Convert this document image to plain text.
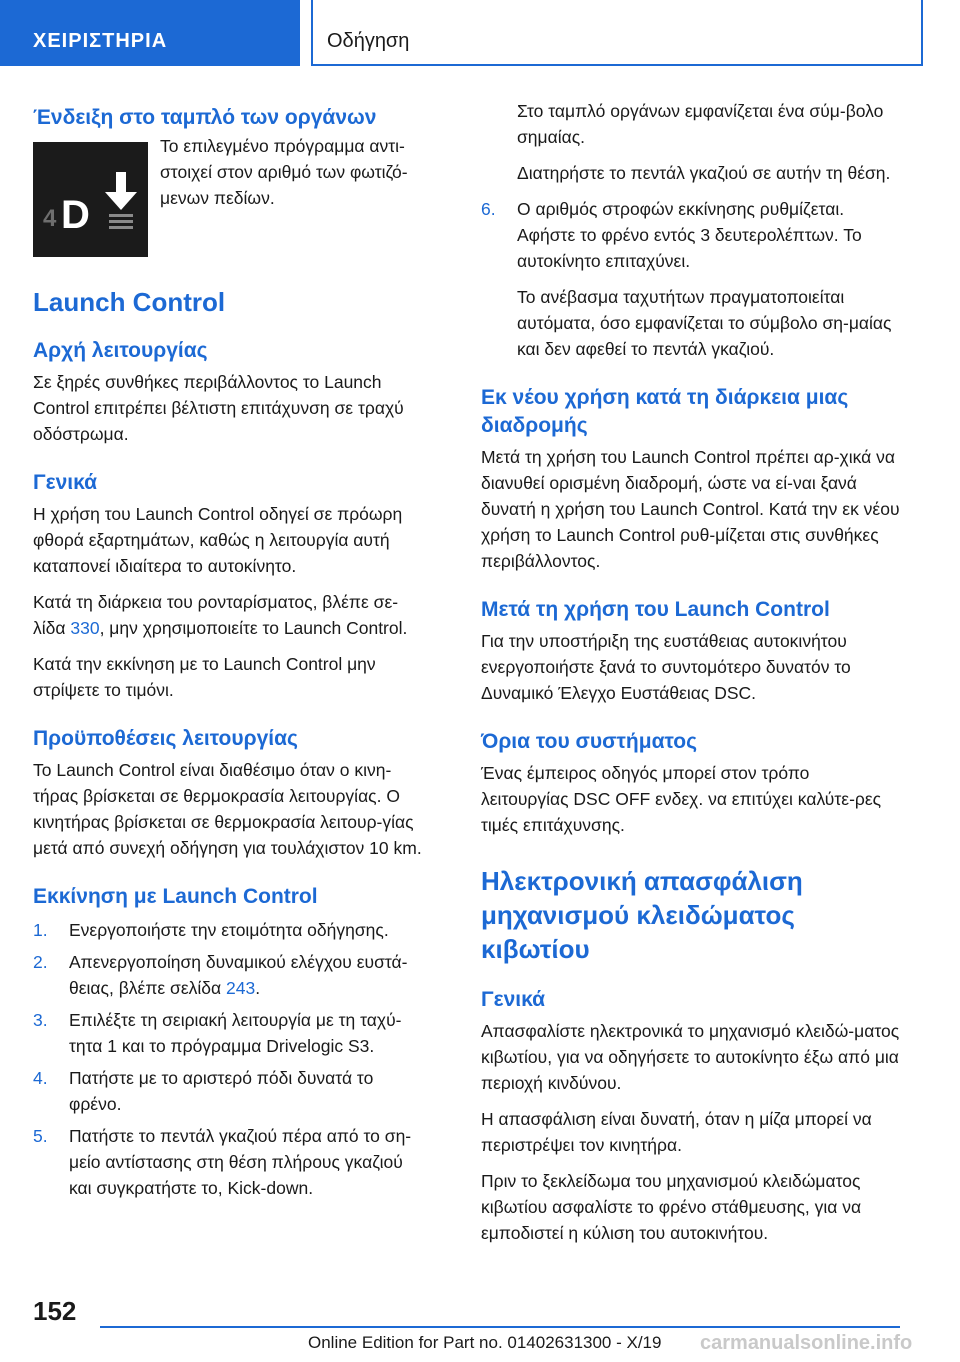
ΧΕΙΡΙΣΤΗΡΙΑ	Οδήγηση
Ένδειξη στο ταμπλό των οργάνων
4 D
Το επιλεγμένο πρόγραμμα αντι-στοιχεί στον αριθμό των φωτιζό-μενων πεδίων.
Launch Control
Αρχή λειτουργίας

Σε ξηρές συνθήκες περιβάλλοντος το Launch Control επιτρέπει βέλτιστη επιτάχυνση σε τραχύ οδόστρωμα.

Γενικά

Η χρήση του Launch Control οδηγεί σε πρόωρη φθορά εξαρτημάτων, καθώς η λειτουργία αυτή καταπονεί ιδιαίτερα το αυτοκίνητο.

Κατά τη διάρκεια του ρονταρίσματος, βλέπε σε-λίδα 330, μην χρησιμοποιείτε το Launch Control.

Κατά την εκκίνηση με το Launch Control μην στρίψετε το τιμόνι.

Προϋποθέσεις λειτουργίας

Το Launch Control είναι διαθέσιμο όταν ο κινη-τήρας βρίσκεται σε θερμοκρασία λειτουργίας. Ο κινητήρας βρίσκεται σε θερμοκρασία λειτουρ-γίας μετά από συνεχή οδήγηση για τουλάχιστον 10 km.

Εκκίνηση με Launch Control
1. Ενεργοποιήστε την ετοιμότητα οδήγησης.
2. Απενεργοποίηση δυναμικού ελέγχου ευστά-θειας, βλέπε σελίδα 243.
3. Επιλέξτε τη σειριακή λειτουργία με τη ταχύ-τητα 1 και το πρόγραμμα Drivelogic S3.
4. Πατήστε με το αριστερό πόδι δυνατά το φρένο.
5. Πατήστε το πεντάλ γκαζιού πέρα από το ση-μείο αντίστασης στη θέση πλήρους γκαζιού και συγκρατήστε το, Kick-down.

Στο ταμπλό οργάνων εμφανίζεται ένα σύμ-βολο σημαίας.

Διατηρήστε το πεντάλ γκαζιού σε αυτήν τη θέση.

6. Ο αριθμός στροφών εκκίνησης ρυθμίζεται. Αφήστε το φρένο εντός 3 δευτερολέπτων. Το αυτοκίνητο επιταχύνει.

Το ανέβασμα ταχυτήτων πραγματοποιείται αυτόματα, όσο εμφανίζεται το σύμβολο ση-μαίας και δεν αφεθεί το πεντάλ γκαζιού.

Εκ νέου χρήση κατά τη διάρκεια μιας διαδρομής

Μετά τη χρήση του Launch Control πρέπει αρ-χικά να διανυθεί ορισμένη διαδρομή, ώστε να εί-ναι ξανά δυνατή η χρήση του Launch Control. Κατά την εκ νέου χρήση το Launch Control ρυθ-μίζεται στις συνθήκες περιβάλλοντος.

Μετά τη χρήση του Launch Control

Για την υποστήριξη της ευστάθειας αυτοκινήτου ενεργοποιήστε ξανά το συντομότερο δυνατόν το Δυναμικό Έλεγχο Ευστάθειας DSC.

Όρια του συστήματος

Ένας έμπειρος οδηγός μπορεί στον τρόπο λειτουργίας DSC OFF ενδεχ. να επιτύχει καλύτε-ρες τιμές επιτάχυνσης.

Ηλεκτρονική απασφάλιση μηχανισμού κλειδώματος κιβωτίου
Γενικά

Απασφαλίστε ηλεκτρονικά το μηχανισμό κλειδώ-ματος κιβωτίου, για να οδηγήσετε το αυτοκίνητο έξω από μια περιοχή κινδύνου.

Η απασφάλιση είναι δυνατή, όταν η μίζα μπορεί να περιστρέψει τον κινητήρα.

Πριν το ξεκλείδωμα του μηχανισμού κλειδώματος κιβωτίου ασφαλίστε το φρένο στάθμευσης, για να εμποδιστεί η κύλιση του αυτοκινήτου.

152
Online Edition for Part no. 01402631300 - X/19 carmanualsonline.info
